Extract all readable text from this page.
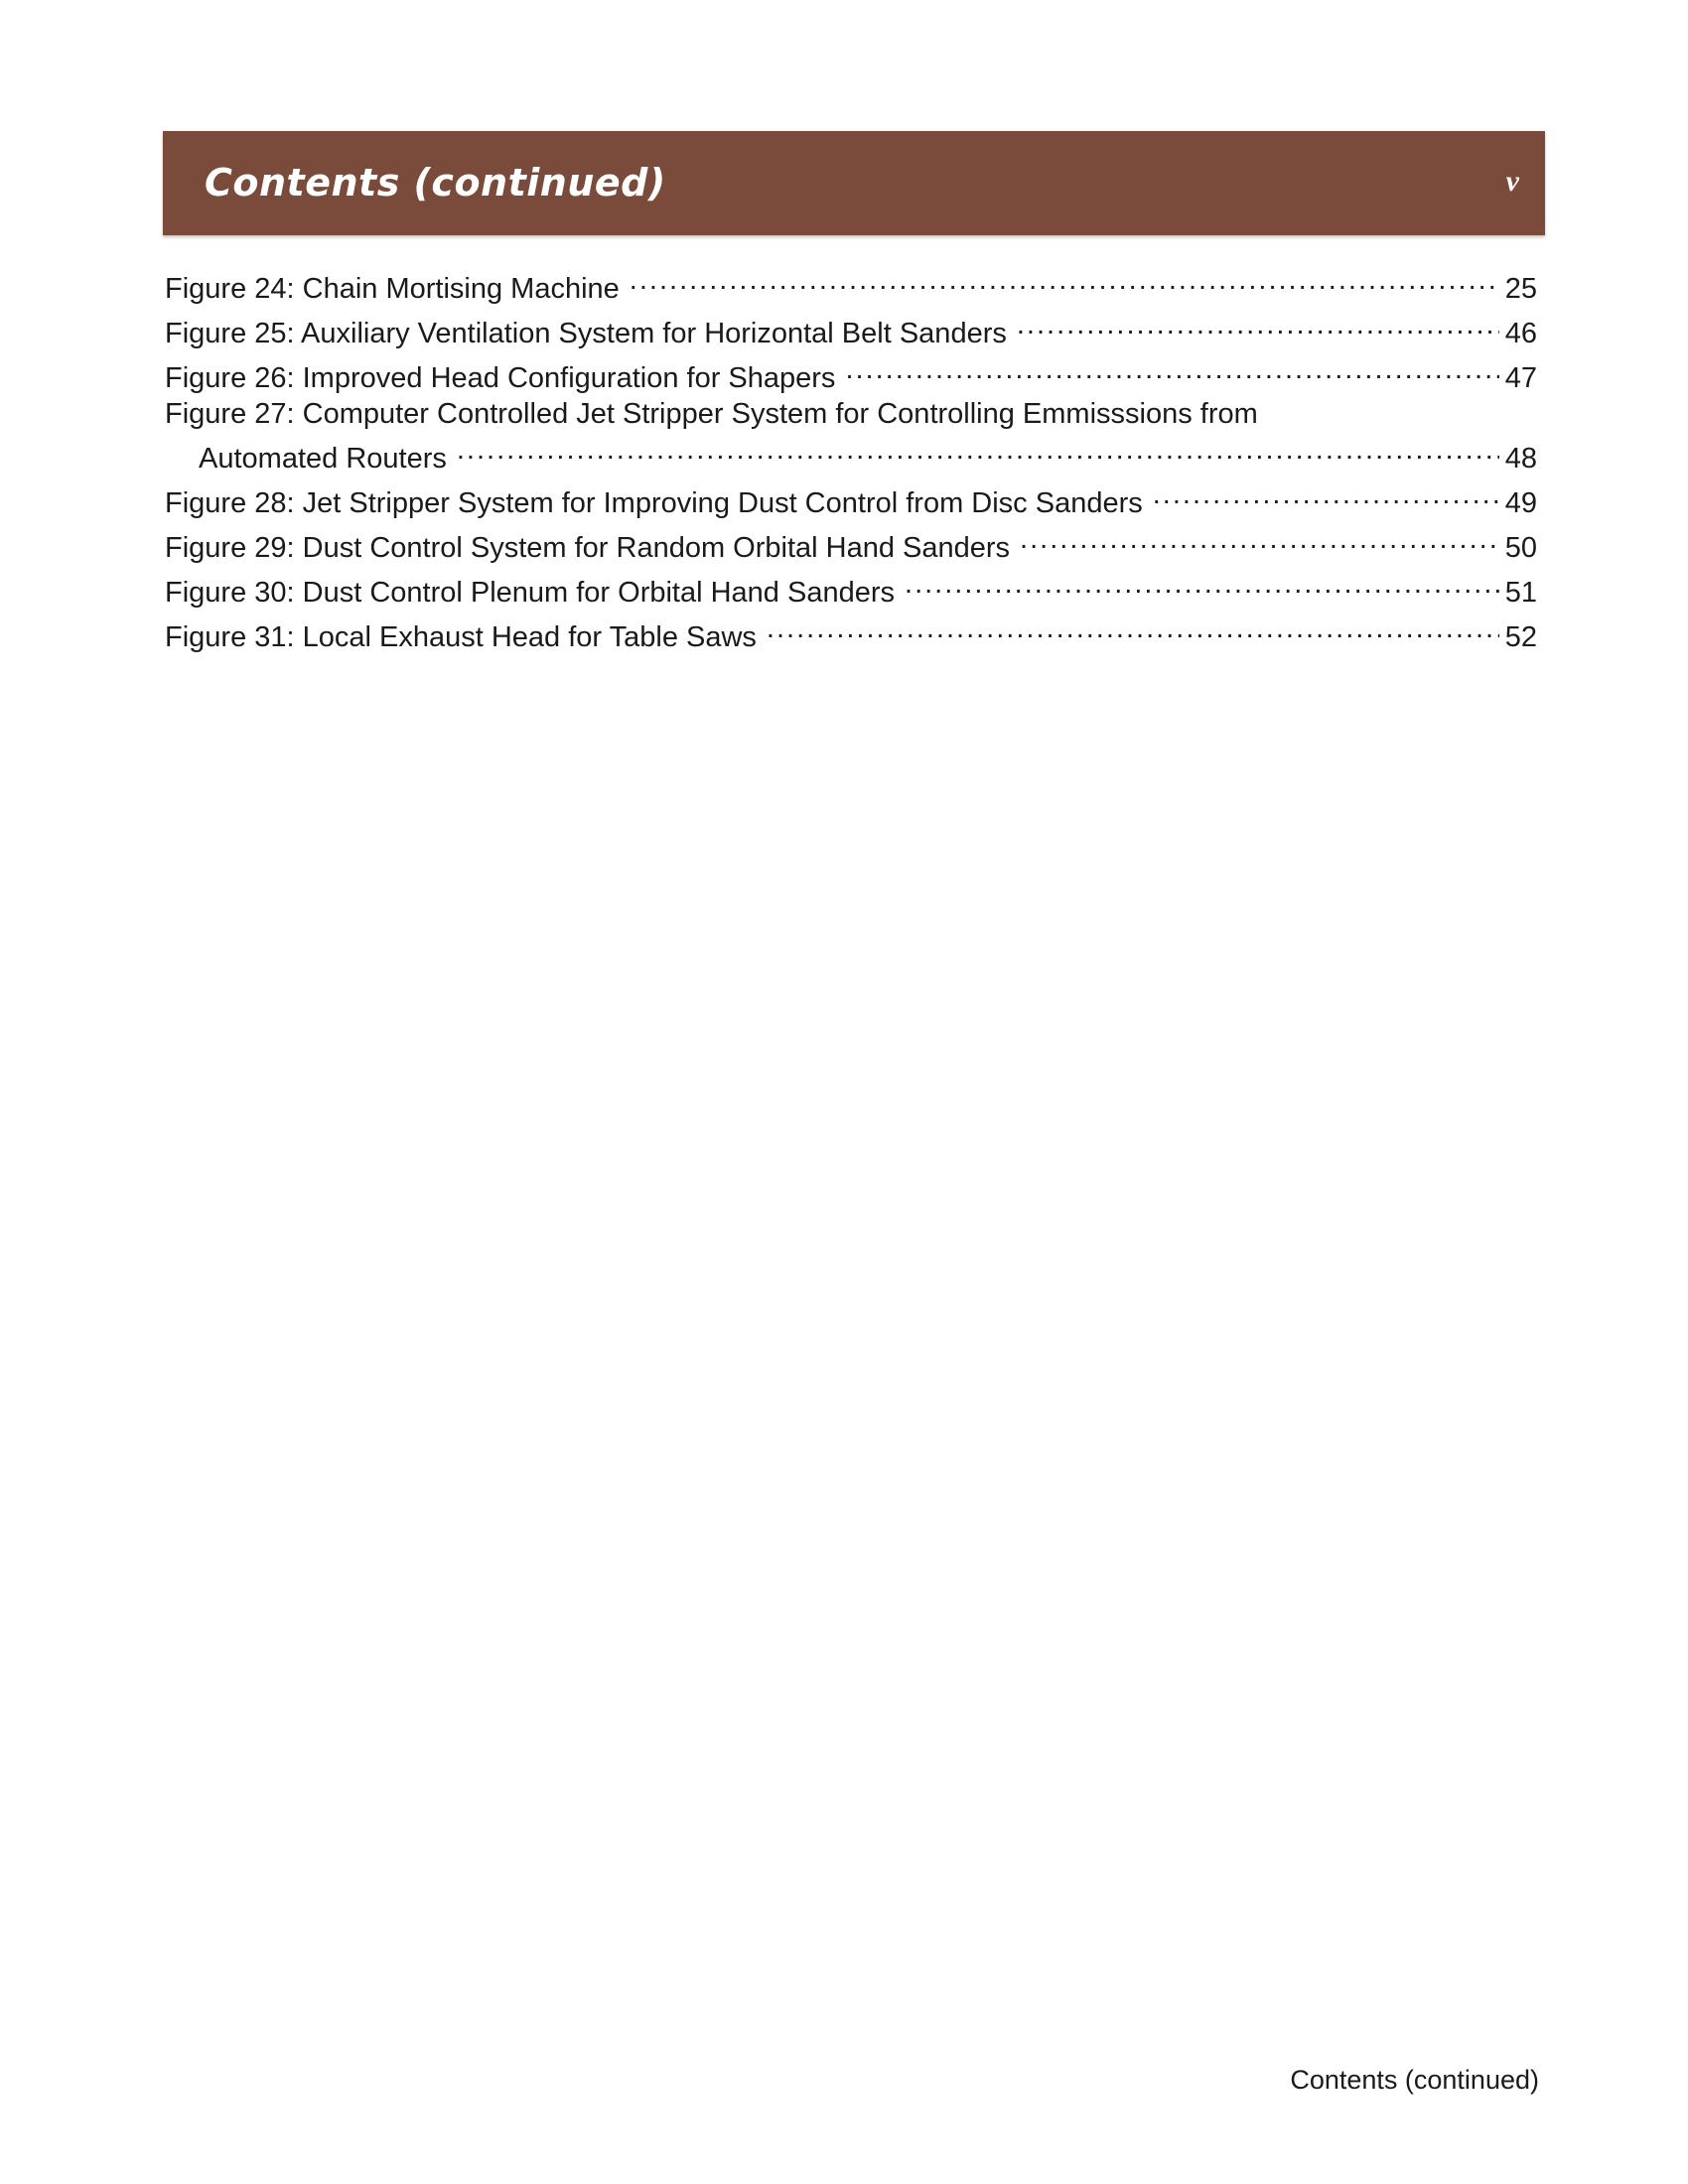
Contents (continued)	v
Figure 24: Chain Mortising Machine .....	25
Figure 25: Auxiliary Ventilation System for Horizontal Belt Sanders .....	46
Figure 26: Improved Head Configuration for Shapers .....	47
Figure 27: Computer Controlled Jet Stripper System for Controlling Emmisssions from
Automated Routers .....	48
Figure 28: Jet Stripper System for Improving Dust Control from Disc Sanders .....	49
Figure 29: Dust Control System for Random Orbital Hand Sanders .....	50
Figure 30: Dust Control Plenum for Orbital Hand Sanders .....	51
Figure 31: Local Exhaust Head for Table Saws .....	52
Contents (continued)
